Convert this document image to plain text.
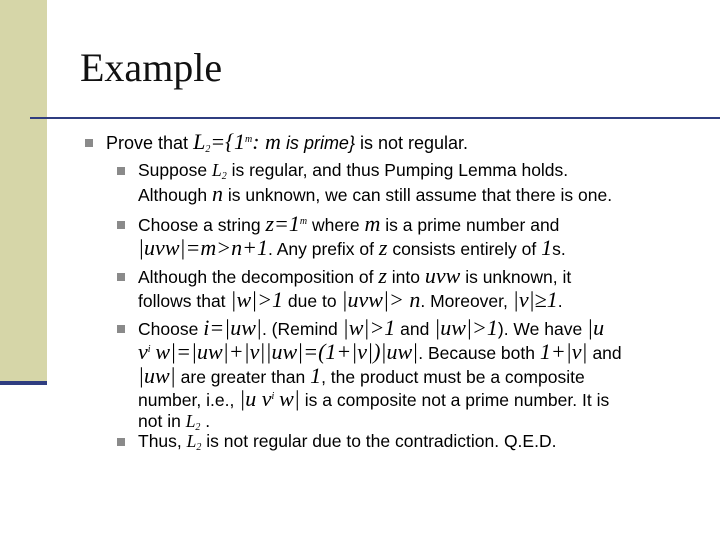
Example
Prove that $L_2=\{1^m$: m is prime} is not regular.
Suppose $L_2$ is regular, and thus Pumping Lemma holds.
Although n is unknown, we can still assume that there is one.
Choose a string $z=1^m$ where m is a prime number and
|uvw|=m>n+1. Any prefix of z consists entirely of 1s.
Although the decomposition of z into uvw is unknown, it
follows that |w|>1 due to |uvw|> n. Moreover, |v|≥1.
Choose i=|uw|. (Remind |w|>1 and |uw|>1). We have |u
$v^i$ w|=|uw|+|v||uw|=(1+|v|)|uw|. Because both 1+|v| and
|uw| are greater than 1, the product must be a composite
number, i.e., |u $v^i$ w| is a composite not a prime number. It is
not in $L_2$ .
Thus, $L_2$ is not regular due to the contradiction. Q.E.D.
